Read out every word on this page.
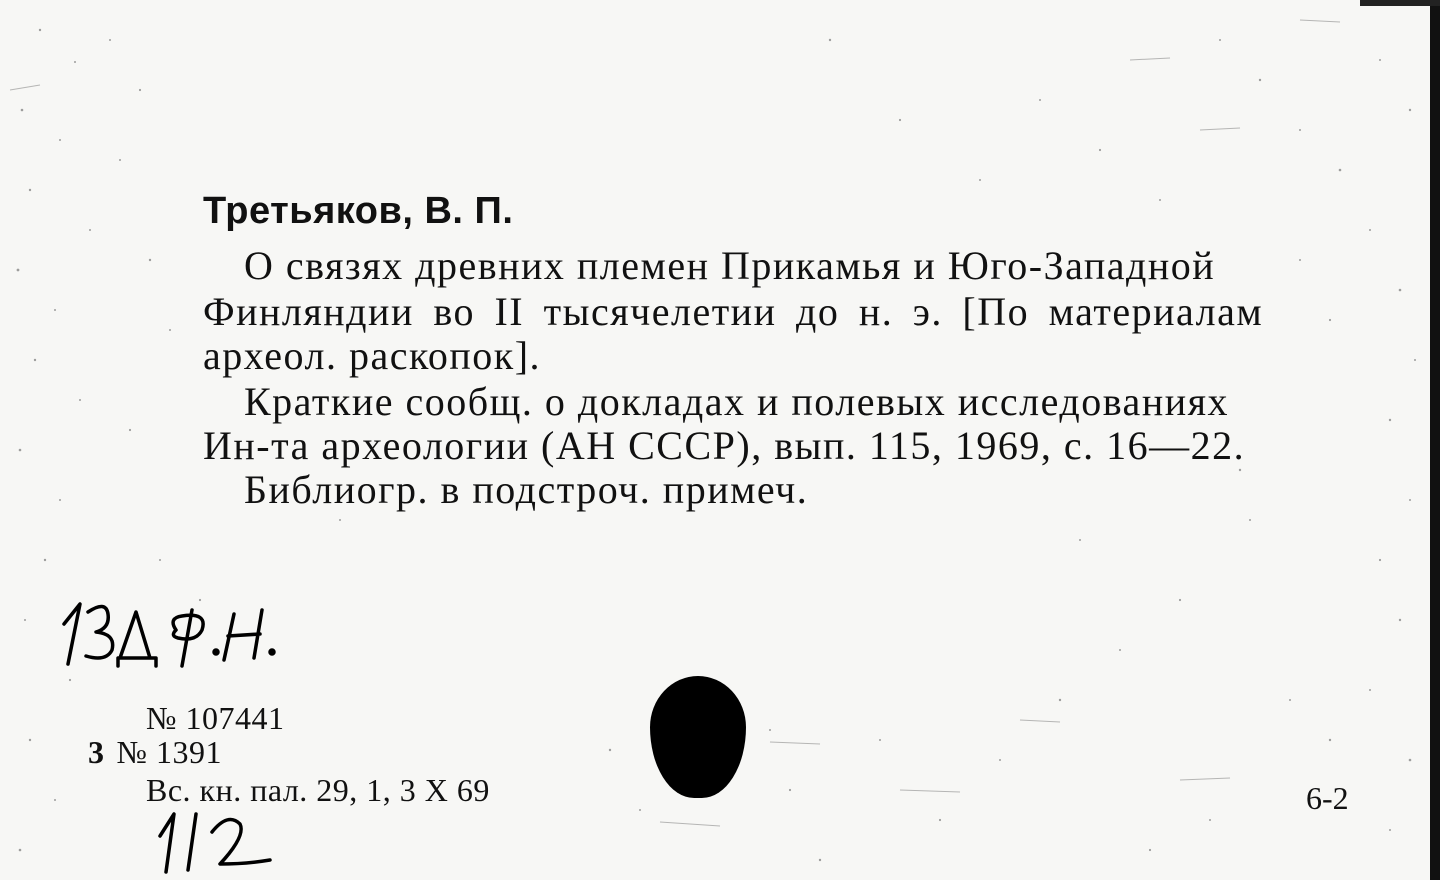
Третьяков, В. П.
О связях древних племен Прикамья и Юго-Западной
Финляндии во II тысячелетии до н. э. [По материалам
археол. раскопок].
Краткие сообщ. о докладах и полевых исследованиях
Ин-та археологии (АН СССР), вып. 115, 1969, с. 16—22.
Библиогр. в подстроч. примеч.
№ 107441
3 № 1391
Вс. кн. пал. 29, 1, 3 X 69	6-2
